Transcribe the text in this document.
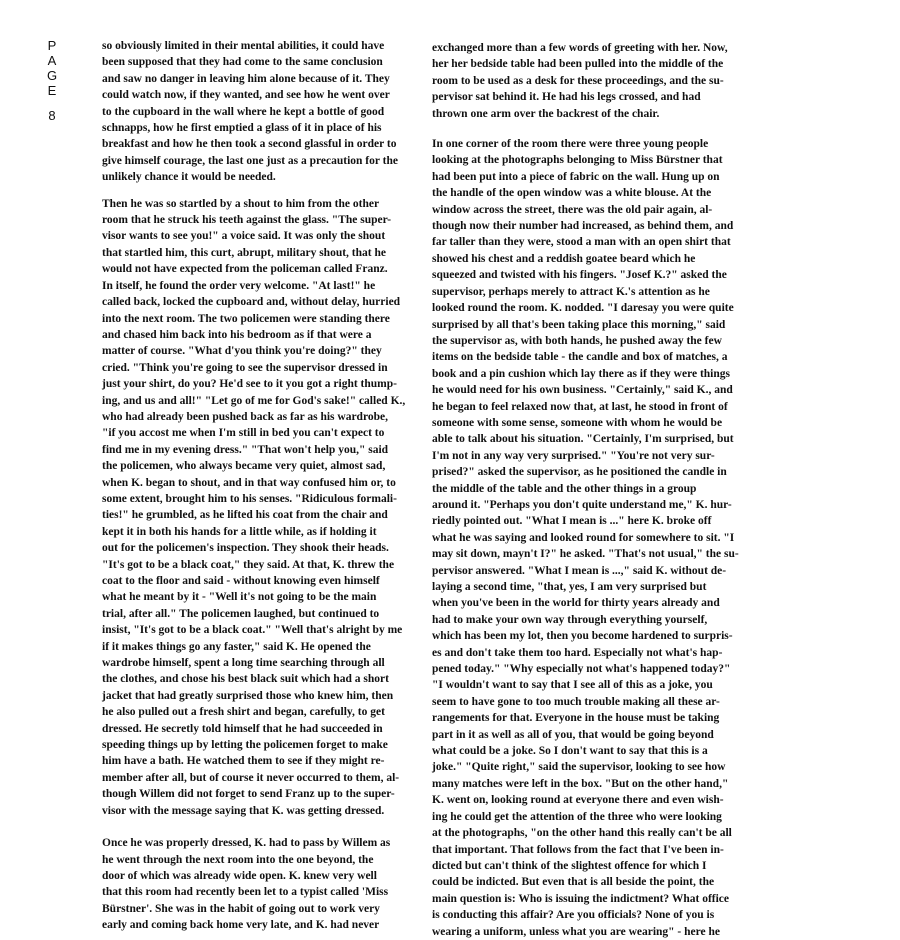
P
A
G
E
8

so obviously limited in their mental abilities, it could have
been supposed that they had come to the same conclusion
and saw no danger in leaving him alone because of it. They
could watch now, if they wanted, and see how he went over
to the cupboard in the wall where he kept a bottle of good
schnapps, how he first emptied a glass of it in place of his
breakfast and how he then took a second glassful in order to
give himself courage, the last one just as a precaution for the
unlikely chance it would be needed.

Then he was so startled by a shout to him from the other
room that he struck his teeth against the glass. "The super-
visor wants to see you!" a voice said. It was only the shout
that startled him, this curt, abrupt, military shout, that he
would not have expected from the policeman called Franz.
In itself, he found the order very welcome. "At last!" he
called back, locked the cupboard and, without delay, hurried
into the next room. The two policemen were standing there
and chased him back into his bedroom as if that were a
matter of course. "What d'you think you're doing?" they
cried. "Think you're going to see the supervisor dressed in
just your shirt, do you? He'd see to it you got a right thump-
ing, and us and all!" "Let go of me for God's sake!" called K.,
who had already been pushed back as far as his wardrobe,
"if you accost me when I'm still in bed you can't expect to
find me in my evening dress." "That won't help you," said
the policemen, who always became very quiet, almost sad,
when K. began to shout, and in that way confused him or, to
some extent, brought him to his senses. "Ridiculous formali-
ties!" he grumbled, as he lifted his coat from the chair and
kept it in both his hands for a little while, as if holding it
out for the policemen's inspection. They shook their heads.
"It's got to be a black coat," they said. At that, K. threw the
coat to the floor and said - without knowing even himself
what he meant by it - "Well it's not going to be the main
trial, after all." The policemen laughed, but continued to
insist, "It's got to be a black coat." "Well that's alright by me
if it makes things go any faster," said K. He opened the
wardrobe himself, spent a long time searching through all
the clothes, and chose his best black suit which had a short
jacket that had greatly surprised those who knew him, then
he also pulled out a fresh shirt and began, carefully, to get
dressed. He secretly told himself that he had succeeded in
speeding things up by letting the policemen forget to make
him have a bath. He watched them to see if they might re-
member after all, but of course it never occurred to them, al-
though Willem did not forget to send Franz up to the super-
visor with the message saying that K. was getting dressed.

Once he was properly dressed, K. had to pass by Willem as
he went through the next room into the one beyond, the
door of which was already wide open. K. knew very well
that this room had recently been let to a typist called 'Miss
Bürstner'. She was in the habit of going out to work very
early and coming back home very late, and K. had never

exchanged more than a few words of greeting with her. Now,
her her bedside table had been pulled into the middle of the
room to be used as a desk for these proceedings, and the su-
pervisor sat behind it. He had his legs crossed, and had
thrown one arm over the backrest of the chair.

In one corner of the room there were three young people
looking at the photographs belonging to Miss Bürstner that
had been put into a piece of fabric on the wall. Hung up on
the handle of the open window was a white blouse. At the
window across the street, there was the old pair again, al-
though now their number had increased, as behind them, and
far taller than they were, stood a man with an open shirt that
showed his chest and a reddish goatee beard which he
squeezed and twisted with his fingers. "Josef K.?" asked the
supervisor, perhaps merely to attract K.'s attention as he
looked round the room. K. nodded. "I daresay you were quite
surprised by all that's been taking place this morning," said
the supervisor as, with both hands, he pushed away the few
items on the bedside table - the candle and box of matches, a
book and a pin cushion which lay there as if they were things
he would need for his own business. "Certainly," said K., and
he began to feel relaxed now that, at last, he stood in front of
someone with some sense, someone with whom he would be
able to talk about his situation. "Certainly, I'm surprised, but
I'm not in any way very surprised." "You're not very sur-
prised?" asked the supervisor, as he positioned the candle in
the middle of the table and the other things in a group
around it. "Perhaps you don't quite understand me," K. hur-
riedly pointed out. "What I mean is ..." here K. broke off
what he was saying and looked round for somewhere to sit. "I
may sit down, mayn't I?" he asked. "That's not usual," the su-
pervisor answered. "What I mean is ...," said K. without de-
laying a second time, "that, yes, I am very surprised but
when you've been in the world for thirty years already and
had to make your own way through everything yourself,
which has been my lot, then you become hardened to surpris-
es and don't take them too hard. Especially not what's hap-
pened today." "Why especially not what's happened today?"
"I wouldn't want to say that I see all of this as a joke, you
seem to have gone to too much trouble making all these ar-
rangements for that. Everyone in the house must be taking
part in it as well as all of you, that would be going beyond
what could be a joke. So I don't want to say that this is a
joke." "Quite right," said the supervisor, looking to see how
many matches were left in the box. "But on the other hand,"
K. went on, looking round at everyone there and even wish-
ing he could get the attention of the three who were looking
at the photographs, "on the other hand this really can't be all
that important. That follows from the fact that I've been in-
dicted but can't think of the slightest offence for which I
could be indicted. But even that is all beside the point, the
main question is: Who is issuing the indictment? What office
is conducting this affair? Are you officials? None of you is
wearing a uniform, unless what you are wearing" - here he
